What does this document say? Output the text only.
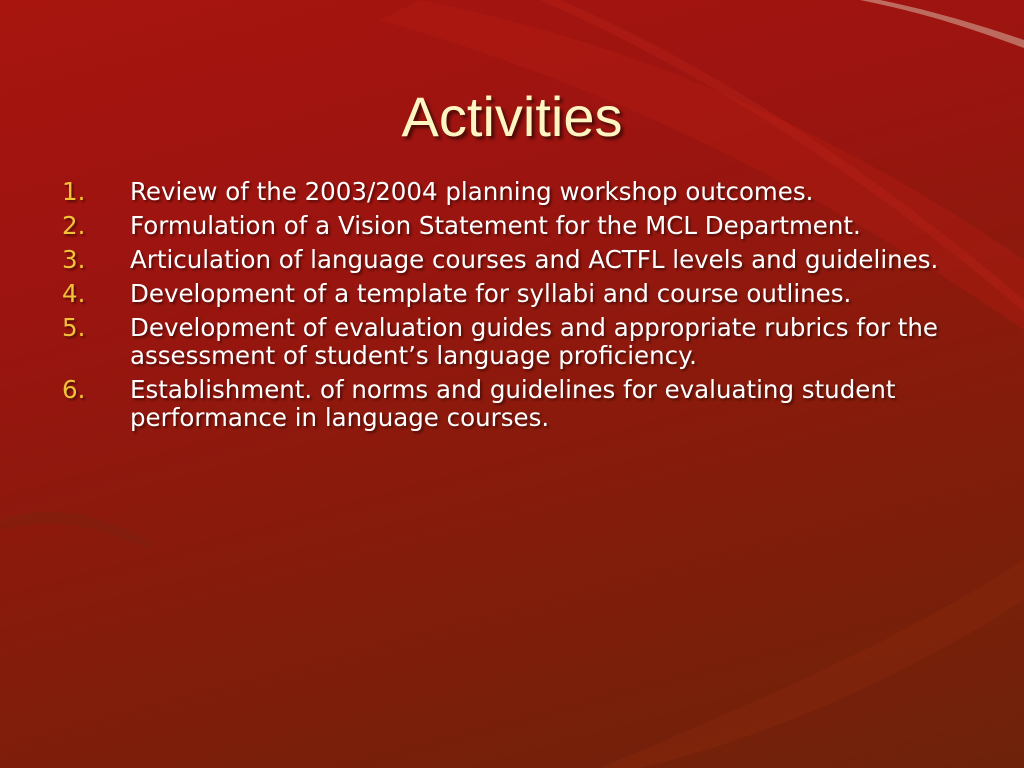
Activities
1. Review of the 2003/2004 planning workshop outcomes.
2. Formulation of a Vision Statement for the MCL Department.
3. Articulation of language courses and ACTFL levels and guidelines.
4. Development of a template for syllabi and course outlines.
5. Development of evaluation guides and appropriate rubrics for the assessment of student’s language proficiency.
6. Establishment. of norms and guidelines for evaluating student performance in language courses.
